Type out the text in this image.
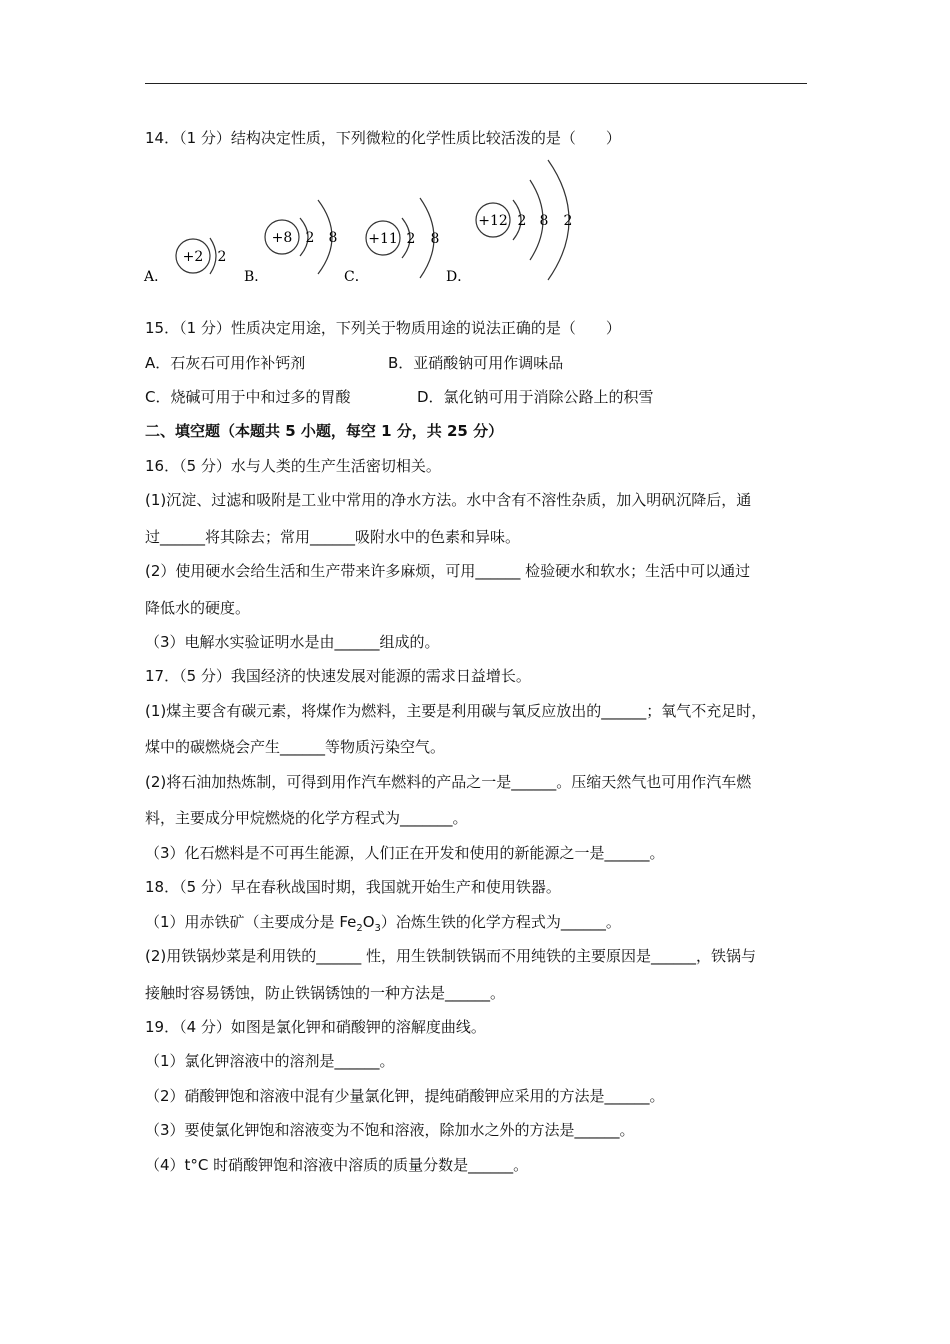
14．（1 分）结构决定性质，下列微粒的化学性质比较活泼的是（　　）
A．
+2 2
B．
+8 2 8
C．
+11 2 8
D．
+12 2 8 2
15．（1 分）性质决定用途，下列关于物质用途的说法正确的是（　　）
A．石灰石可用作补钙剂	B．亚硝酸钠可用作调味品
C．烧碱可用于中和过多的胃酸	D．氯化钠可用于消除公路上的积雪
二、填空题（本题共 5 小题，每空 1 分，共 25 分）
16．（5 分）水与人类的生产生活密切相关。
(1)沉淀、过滤和吸附是工业中常用的净水方法。水中含有不溶性杂质，加入明矾沉降后，通
过______将其除去；常用______吸附水中的色素和异味。
(2）使用硬水会给生活和生产带来许多麻烦，可用______ 检验硬水和软水；生活中可以通过
降低水的硬度。
（3）电解水实验证明水是由______组成的。
17．（5 分）我国经济的快速发展对能源的需求日益增长。
(1)煤主要含有碳元素，将煤作为燃料，主要是利用碳与氧反应放出的______；氧气不充足时，
煤中的碳燃烧会产生______等物质污染空气。
(2)将石油加热炼制，可得到用作汽车燃料的产品之一是______。压缩天然气也可用作汽车燃
料，主要成分甲烷燃烧的化学方程式为_______。
（3）化石燃料是不可再生能源，人们正在开发和使用的新能源之一是______。
18．（5 分）早在春秋战国时期，我国就开始生产和使用铁器。
（1）用赤铁矿（主要成分是 $Fe_2O_3$）冶炼生铁的化学方程式为______。
(2)用铁锅炒菜是利用铁的______ 性，用生铁制铁锅而不用纯铁的主要原因是______，铁锅与
接触时容易锈蚀，防止铁锅锈蚀的一种方法是______。
19．（4 分）如图是氯化钾和硝酸钾的溶解度曲线。
（1）氯化钾溶液中的溶剂是______。
（2）硝酸钾饱和溶液中混有少量氯化钾，提纯硝酸钾应采用的方法是______。
（3）要使氯化钾饱和溶液变为不饱和溶液，除加水之外的方法是______。
（4）t°C 时硝酸钾饱和溶液中溶质的质量分数是______。
